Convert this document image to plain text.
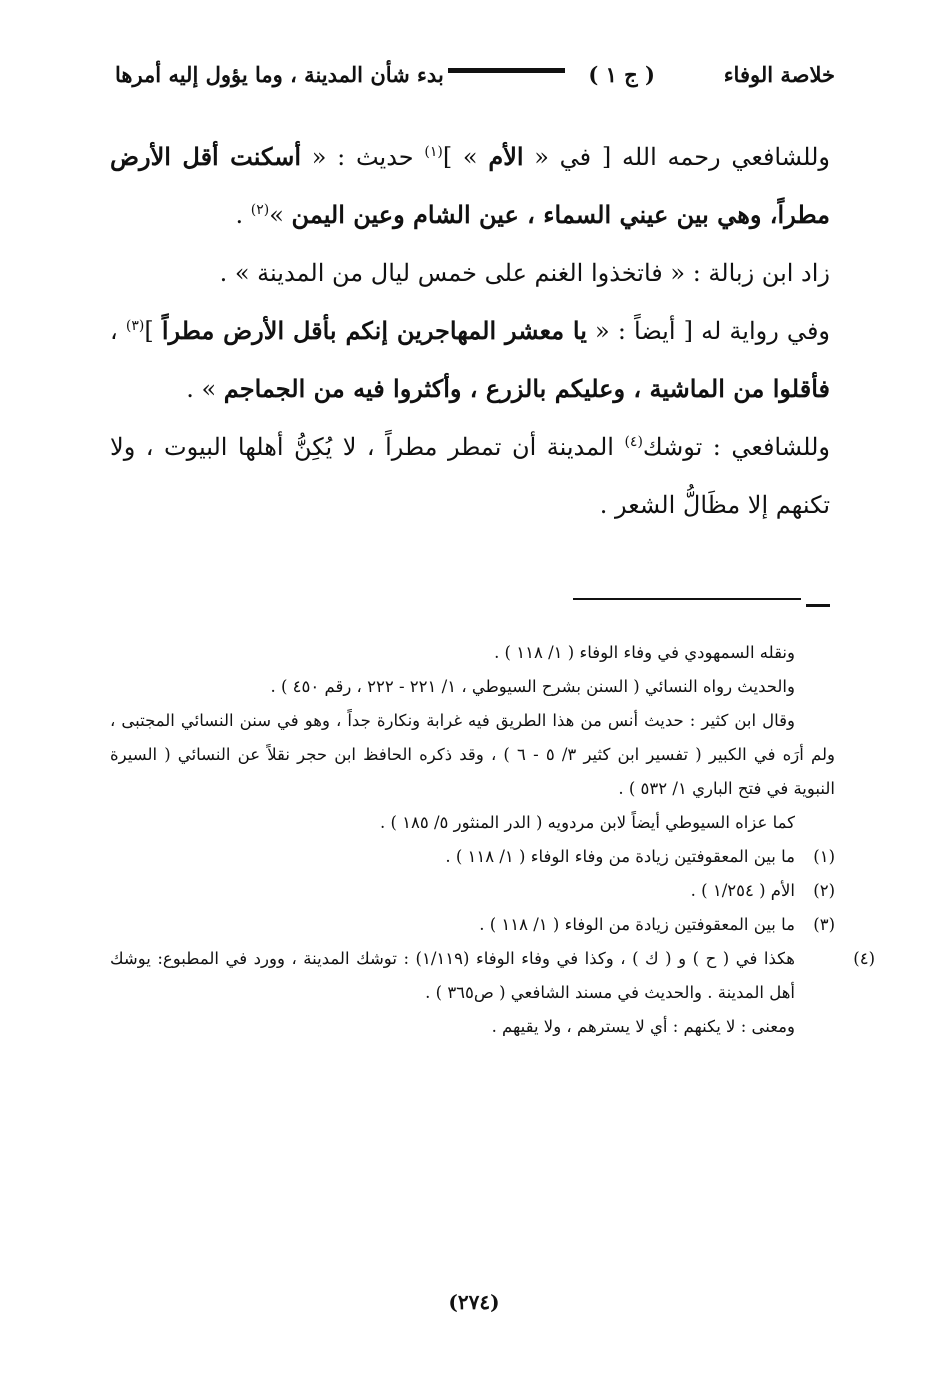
خلاصة الوفاء
( ج ١ )
بدء شأن المدينة ، وما يؤول إليه أمرها

وللشافعي رحمه الله [ في « الأم » ]$^{(١)}$ حديث : « أسكنت أقل الأرض مطراً، وهي بين عيني السماء ، عين الشام وعين اليمن »$^{(٢)}$ .

زاد ابن زبالة : « فاتخذوا الغنم على خمس ليال من المدينة » .

وفي رواية له [ أيضاً : « يا معشر المهاجرين إنكم بأقل الأرض مطراً ]$^{(٣)}$ ، فأقلوا من الماشية ، وعليكم بالزرع ، وأكثروا فيه من الجماجم » .

وللشافعي : توشك$^{(٤)}$ المدينة أن تمطر مطراً ، لا يُكِنُّ أهلها البيوت ، ولا تكنهم إلا مظَالُّ الشعر .

ونقله السمهودي في وفاء الوفاء ( ١/ ١١٨ ) .

والحديث رواه النسائي ( السنن بشرح السيوطي ، ١/ ٢٢١ - ٢٢٢ ، رقم ٤٥٠ ) .

وقال ابن كثير : حديث أنس من هذا الطريق فيه غرابة ونكارة جداً ، وهو في سنن النسائي المجتبى ، ولم أرَه في الكبير ( تفسير ابن كثير ٣/ ٥ - ٦ ) ، وقد ذكره الحافظ ابن حجر نقلاً عن النسائي ( السيرة النبوية في فتح الباري ١/ ٥٣٢ ) .

كما عزاه السيوطي أيضاً لابن مردويه ( الدر المنثور ٥/ ١٨٥ ) .

(١)ما بين المعقوفتين زيادة من وفاء الوفاء ( ١/ ١١٨ ) .

(٢)الأم ( ١/٢٥٤ ) .

(٣)ما بين المعقوفتين زيادة من الوفاء ( ١/ ١١٨ ) .

(٤)هكذا في ( ح ) و ( ك ) ، وكذا في وفاء الوفاء (١/١١٩) : توشك المدينة ، وورد في المطبوع: يوشك أهل المدينة . والحديث في مسند الشافعي ( ص٣٦٥ ) .

ومعنى : لا يكنهم : أي لا يسترهم ، ولا يقيهم .

(٢٧٤)
